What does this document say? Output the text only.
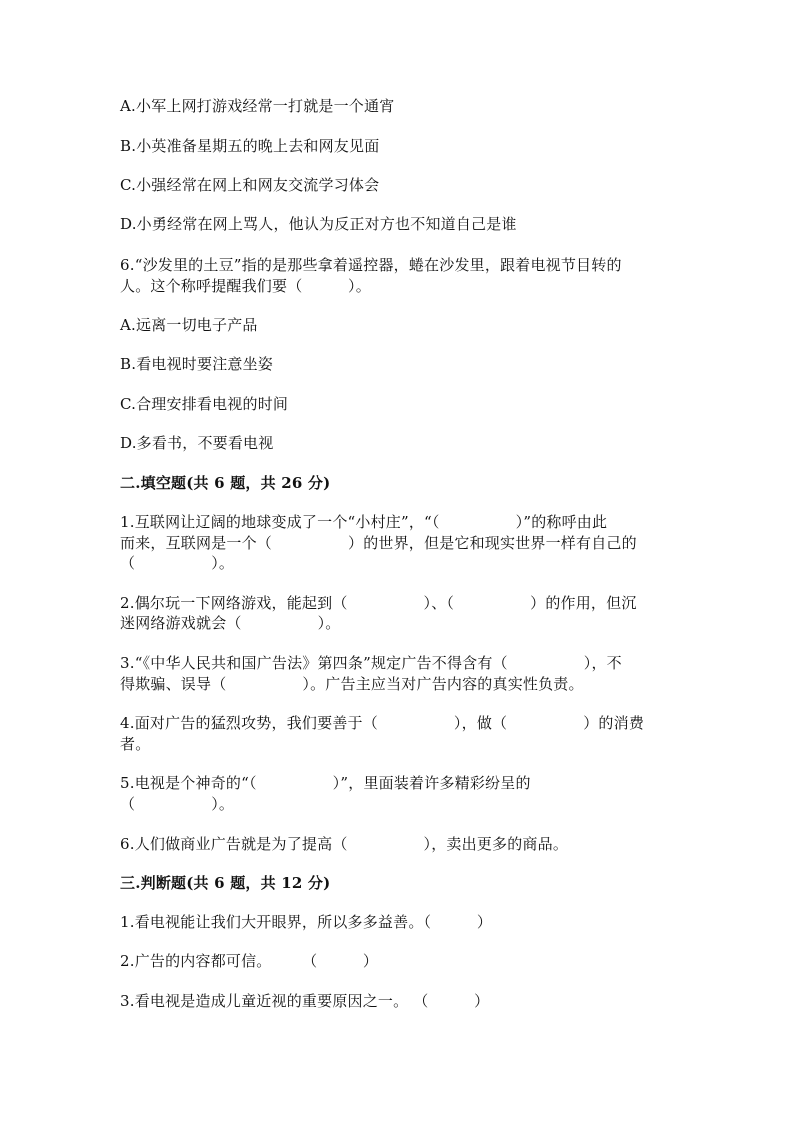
A.小军上网打游戏经常一打就是一个通宵
B.小英准备星期五的晚上去和网友见面
C.小强经常在网上和网友交流学习体会
D.小勇经常在网上骂人，他认为反正对方也不知道自己是谁
6.“沙发里的土豆”指的是那些拿着遥控器，蜷在沙发里，跟着电视节目转的
人。这个称呼提醒我们要（　　　）。
A.远离一切电子产品
B.看电视时要注意坐姿
C.合理安排看电视的时间
D.多看书，不要看电视
二.填空题(共 6 题，共 26 分)
1.互联网让辽阔的地球变成了一个“小村庄”，“（　　　　　）”的称呼由此
而来，互联网是一个（　　　　　）的世界，但是它和现实世界一样有自己的
（　　　　　）。
2.偶尔玩一下网络游戏，能起到（　　　　　）、（　　　　　）的作用，但沉
迷网络游戏就会（　　　　　）。
3.“《中华人民共和国广告法》第四条”规定广告不得含有（　　　　　），不
得欺骗、误导（　　　　　）。广告主应当对广告内容的真实性负责。
4.面对广告的猛烈攻势，我们要善于（　　　　　），做（　　　　　）的消费
者。
5.电视是个神奇的“（　　　　　）”，里面装着许多精彩纷呈的
（　　　　　）。
6.人们做商业广告就是为了提高（　　　　　），卖出更多的商品。
三.判断题(共 6 题，共 12 分)
1.看电视能让我们大开眼界，所以多多益善。（　　　）
2.广告的内容都可信。　　　（　　　）
3.看电视是造成儿童近视的重要原因之一。 （　　　）
